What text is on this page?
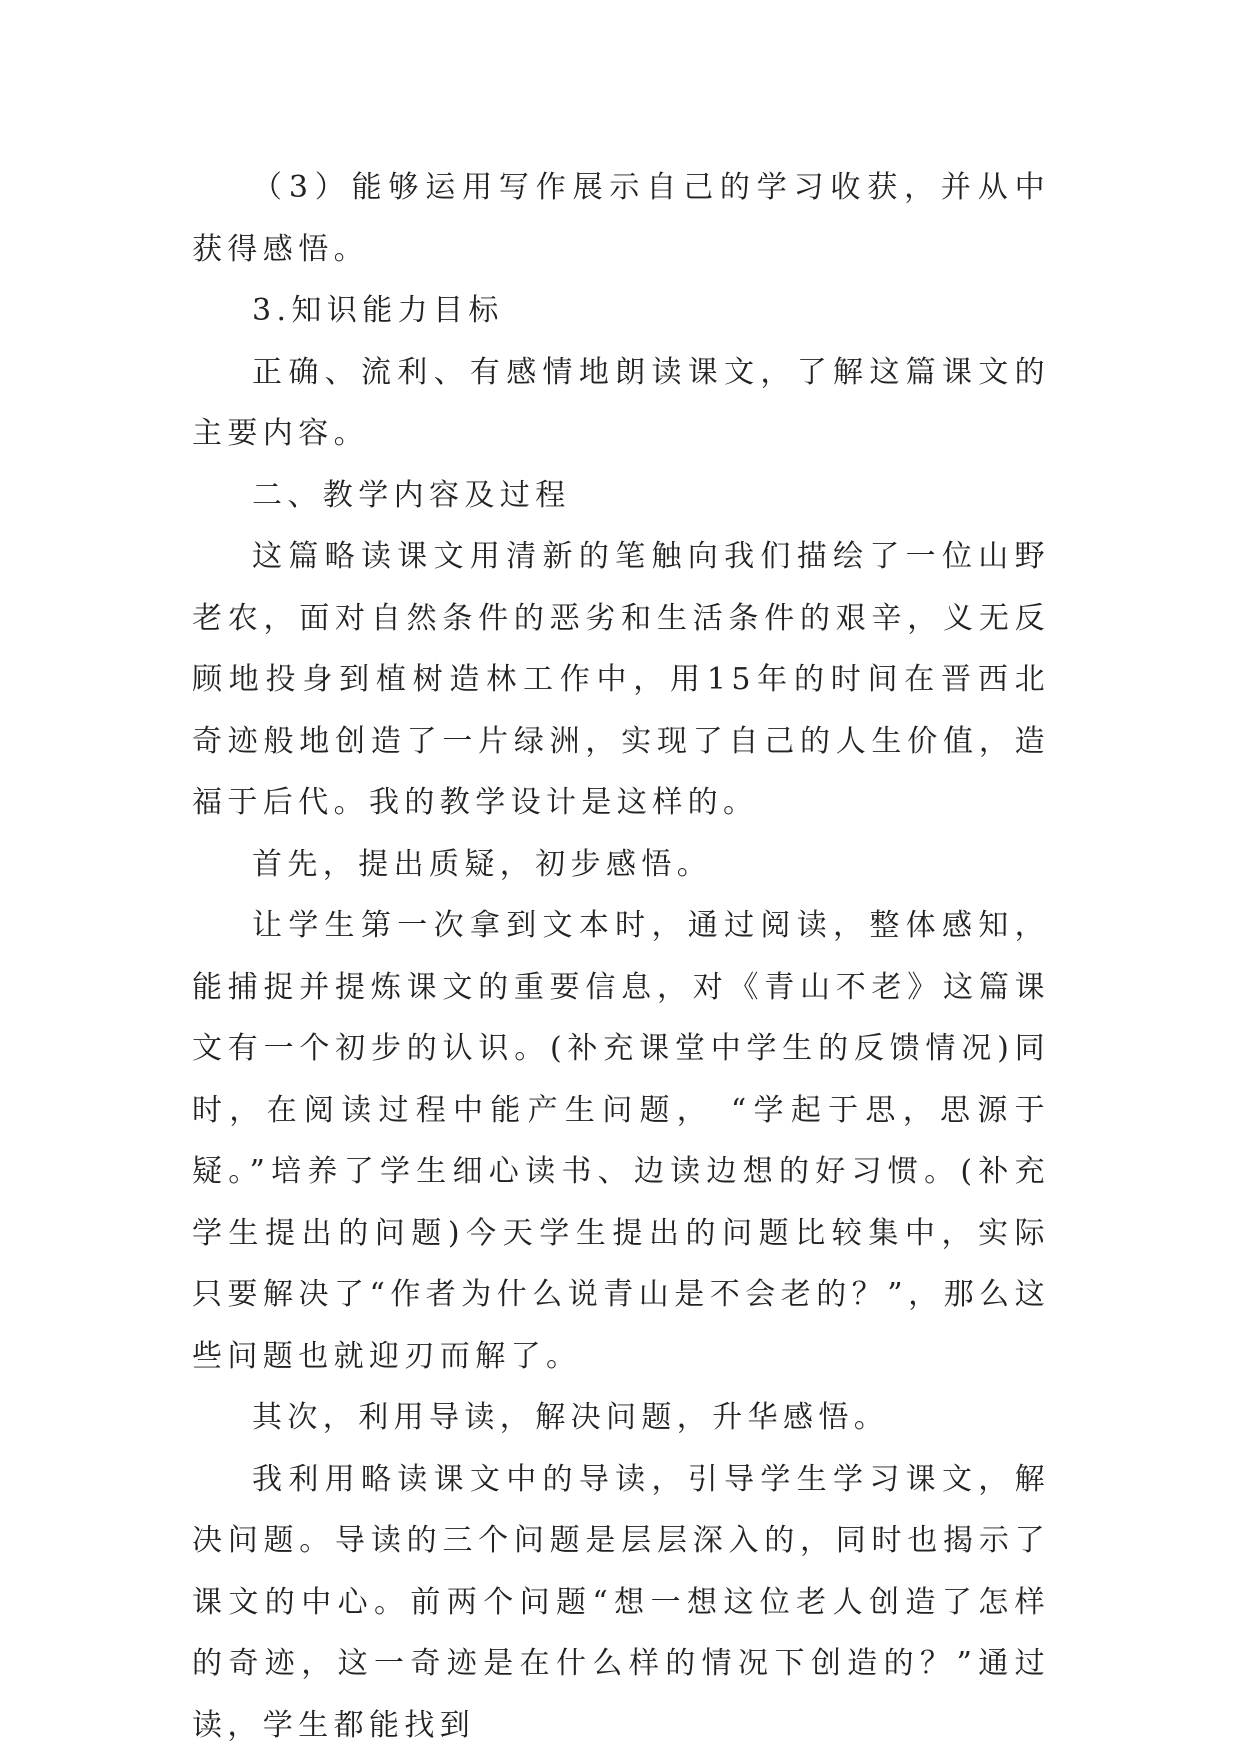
（3）能够运用写作展示自己的学习收获，并从中获得感悟。

3.知识能力目标

正确、流利、有感情地朗读课文，了解这篇课文的主要内容。

二、教学内容及过程

这篇略读课文用清新的笔触向我们描绘了一位山野老农，面对自然条件的恶劣和生活条件的艰辛，义无反顾地投身到植树造林工作中，用15年的时间在晋西北奇迹般地创造了一片绿洲，实现了自己的人生价值，造福于后代。我的教学设计是这样的。

首先，提出质疑，初步感悟。

让学生第一次拿到文本时，通过阅读，整体感知，能捕捉并提炼课文的重要信息，对《青山不老》这篇课文有一个初步的认识。(补充课堂中学生的反馈情况)同时，在阅读过程中能产生问题， “学起于思，思源于疑。”培养了学生细心读书、边读边想的好习惯。(补充学生提出的问题)今天学生提出的问题比较集中，实际只要解决了“作者为什么说青山是不会老的？”，那么这些问题也就迎刃而解了。

其次，利用导读，解决问题，升华感悟。

我利用略读课文中的导读，引导学生学习课文，解决问题。导读的三个问题是层层深入的，同时也揭示了课文的中心。前两个问题“想一想这位老人创造了怎样的奇迹，这一奇迹是在什么样的情况下创造的？”通过读，学生都能找到
